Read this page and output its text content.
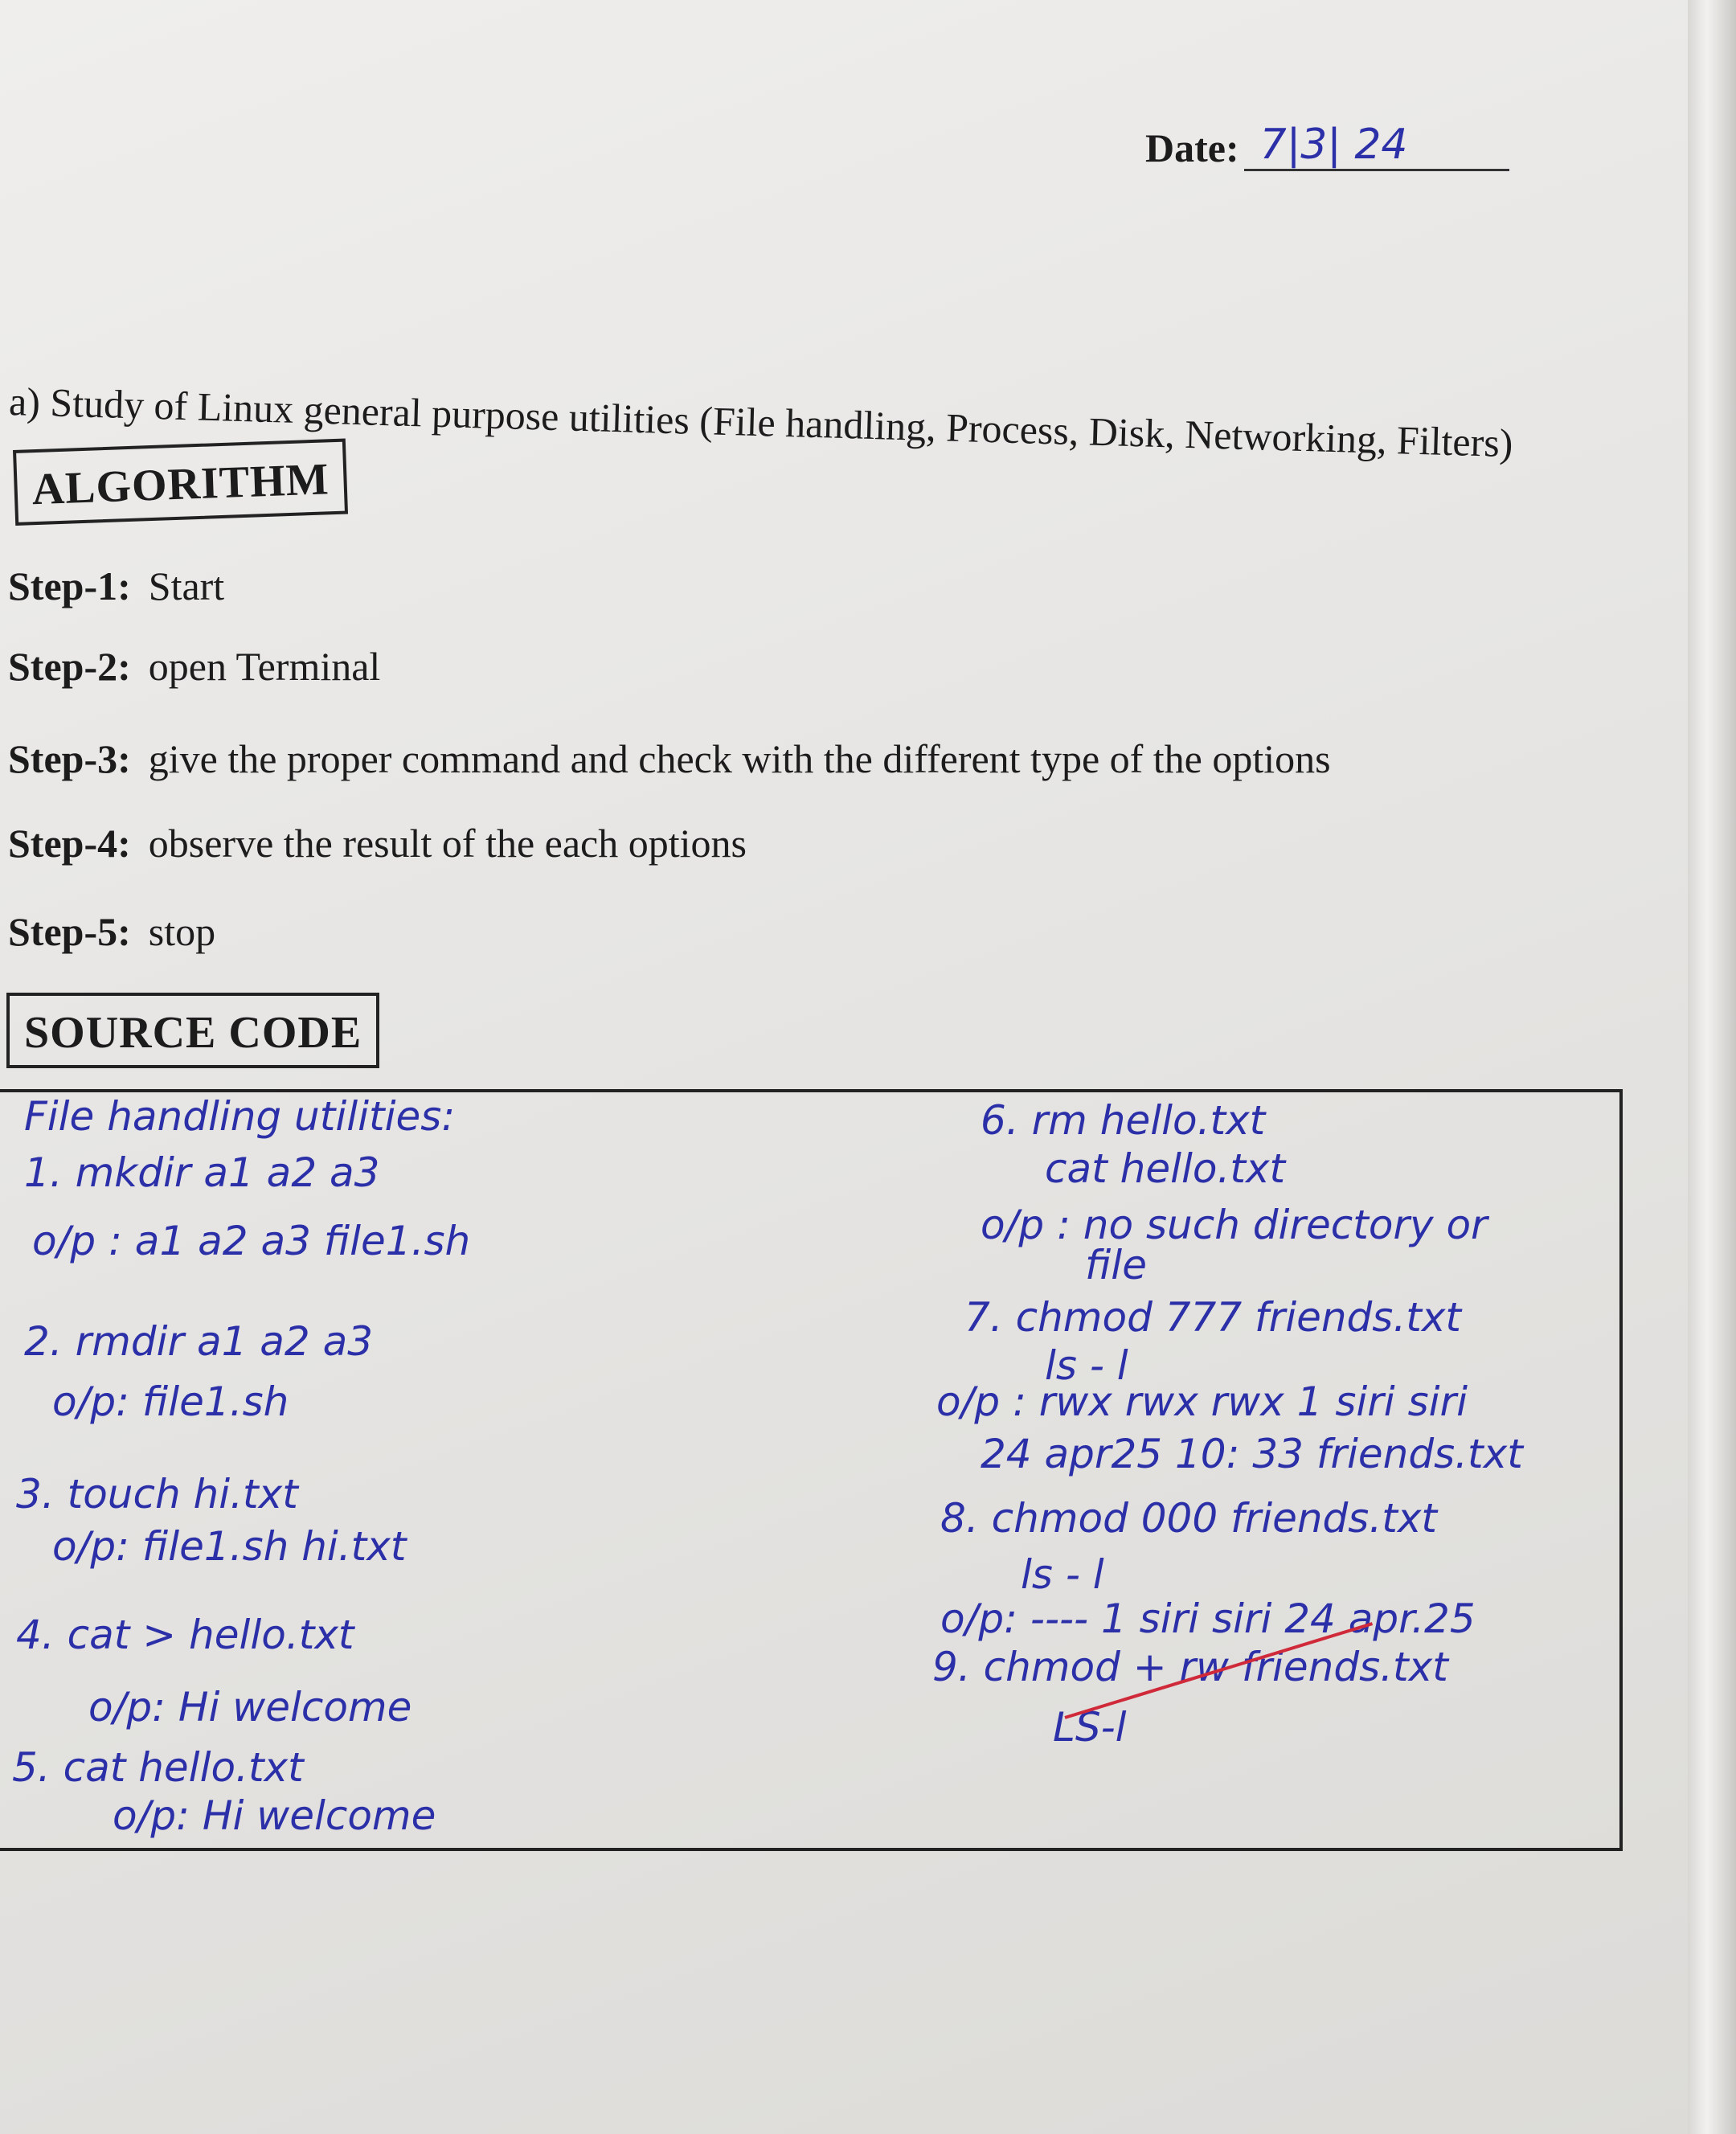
Date: 7|3| 24
a) Study of Linux general purpose utilities (File handling, Process, Disk, Networking, Filters)
ALGORITHM
Step-1: Start
Step-2: open Terminal
Step-3: give the proper command and check with the different type of the options
Step-4: observe the result of the each options
Step-5: stop
SOURCE CODE
File handling utilities:
1. mkdir a1 a2 a3
o/p : a1 a2 a3 file1.sh
2. rmdir a1 a2 a3
o/p: file1.sh
3. touch hi.txt
o/p: file1.sh hi.txt
4. cat > hello.txt
o/p: Hi welcome
5. cat hello.txt
o/p: Hi welcome
6. rm hello.txt
cat hello.txt
o/p : no such directory or
file
7. chmod 777 friends.txt
ls - l
o/p : rwx rwx rwx 1 siri siri
24 apr25 10: 33 friends.txt
8. chmod 000 friends.txt
ls - l
o/p: ---- 1 siri siri 24 apr.25
9. chmod + rw friends.txt
LS-l
